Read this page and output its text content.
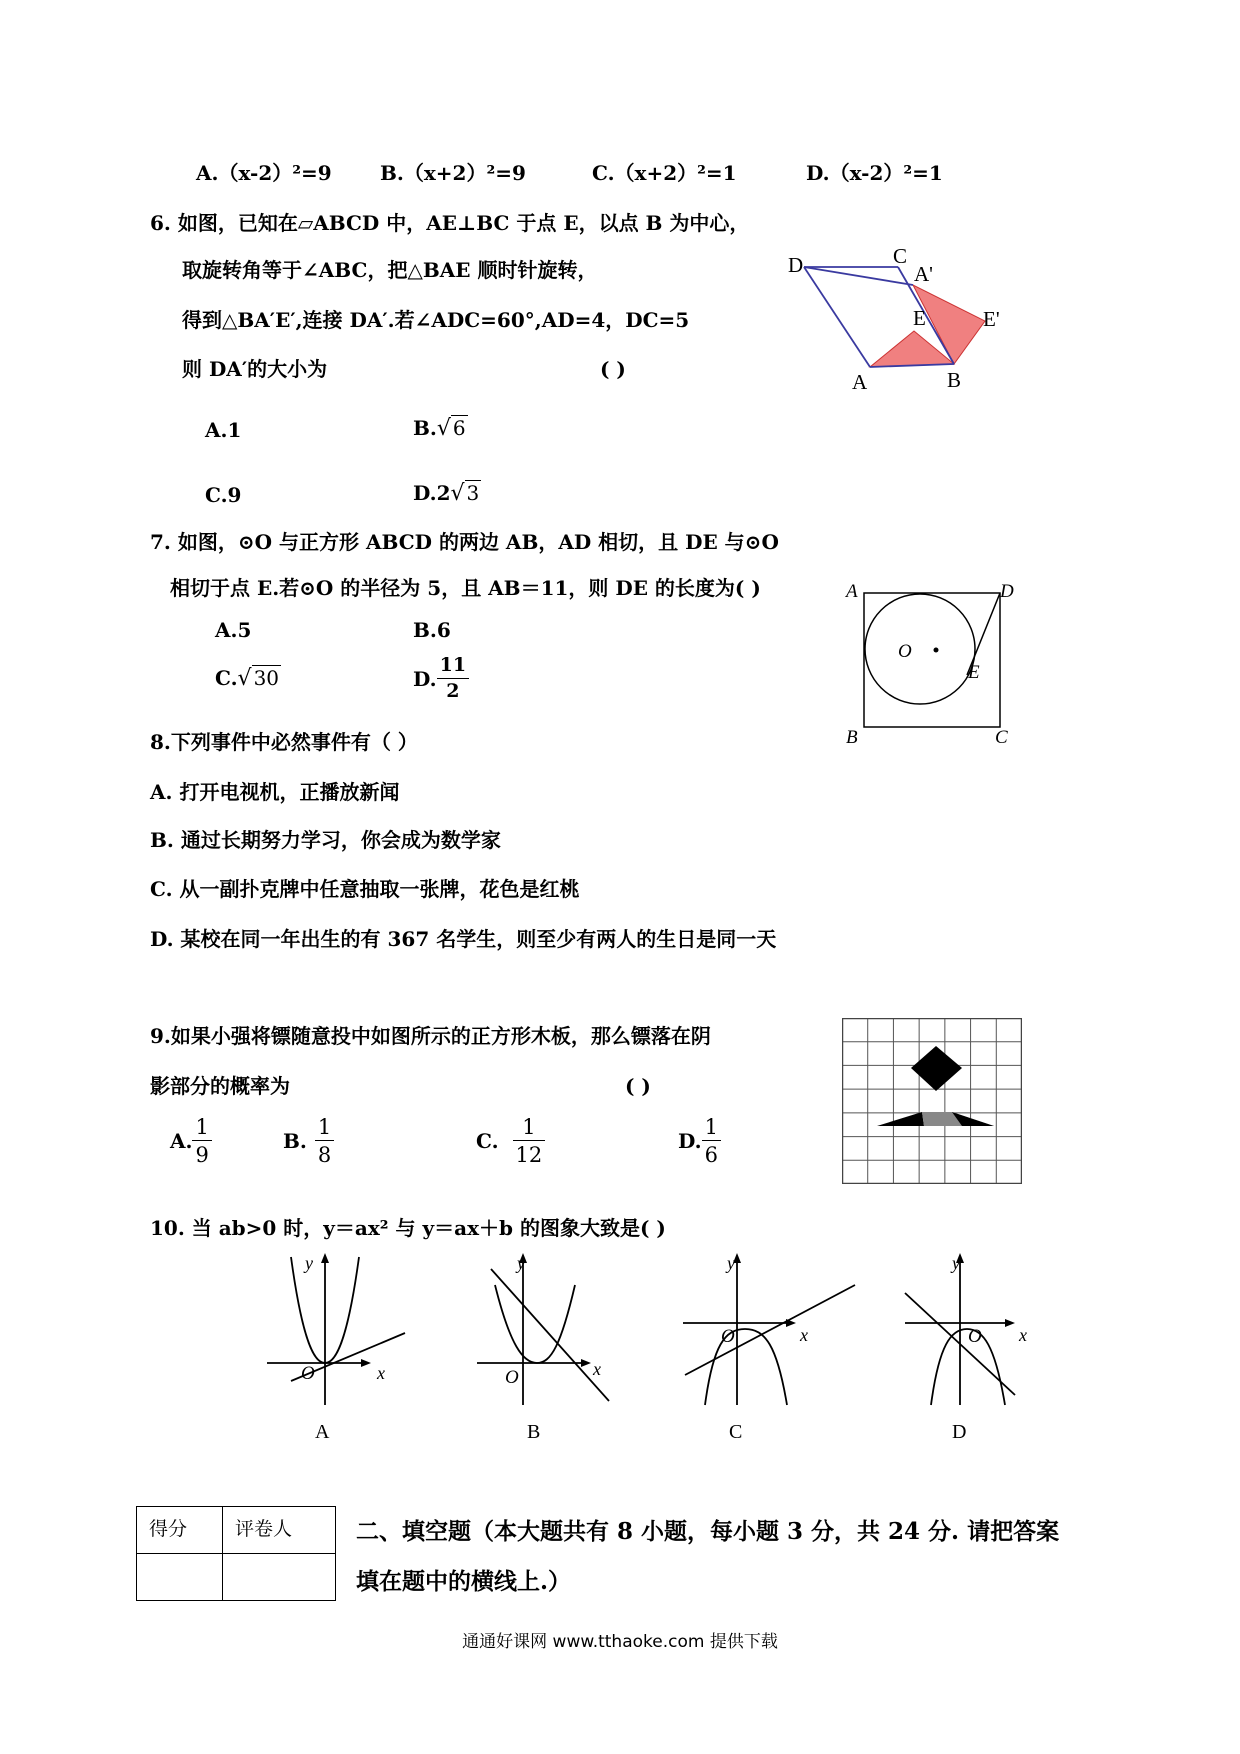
A.（x-2）²=9 B.（x+2）²=9	C.（x+2）²=1	D.（x-2）²=1
6. 如图，已知在▱ABCD 中，AE⊥BC 于点 E，以点 B 为中心，
取旋转角等于∠ABC，把△BAE 顺时针旋转，
得到△BA′E′,连接 DA′.若∠ADC=60°,AD=4，DC=5
则 DA′的大小为	( )
A.1	B.√ 6
C.9	D.2√ 3
D	C
A'
E	E'
A	B
7. 如图，⊙O 与正方形 ABCD 的两边 AB，AD 相切，且 DE 与⊙O
相切于点 E.若⊙O 的半径为 5，且 AB＝11，则 DE 的长度为( )
A.5	B.6
C.√ 30	D. $\frac{11}{2}$
A	D
O
E
B	C
8.下列事件中必然事件有（ ）
A. 打开电视机，正播放新闻
B. 通过长期努力学习，你会成为数学家
C. 从一副扑克牌中任意抽取一张牌，花色是红桃
D. 某校在同一年出生的有 367 名学生，则至少有两人的生日是同一天
9.如果小强将镖随意投中如图所示的正方形木板，那么镖落在阴
影部分的概率为	( )
A. $\frac{1}{9}$	B. $\frac{1}{8}$	C. $\frac{1}{12}$	D. $\frac{1}{6}$
10. 当 ab>0 时，y＝ax² 与 y＝ax＋b 的图象大致是( )
y
x
O
A
y
x
O
B
y
x
O
C
y
x
O
D
得分	评卷人	二、填空题（本大题共有 8 小题，每小题 3 分，共 24 分. 请把答案
填在题中的横线上.）
通通好课网 www.tthaoke.com 提供下载
